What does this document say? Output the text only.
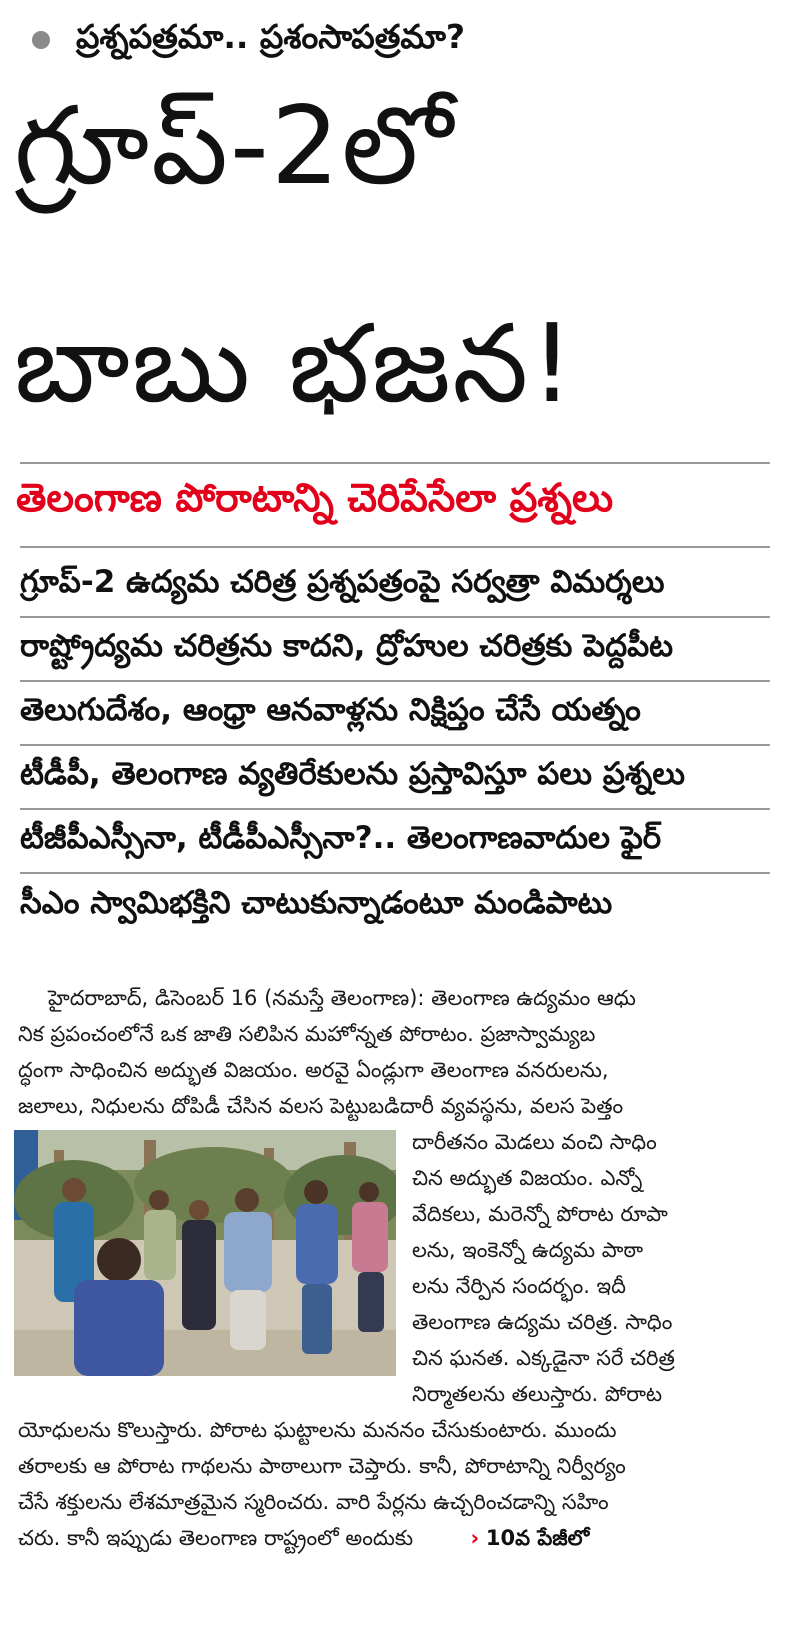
ప్రశ్నపత్రమా.. ప్రశంసాపత్రమా?
గ్రూప్‌-2లో
బాబు భజన!
తెలంగాణ పోరాటాన్ని చెరిపేసేలా ప్రశ్నలు
గ్రూప్‌-2 ఉద్యమ చరిత్ర ప్రశ్నపత్రంపై సర్వత్రా విమర్శలు
రాష్ట్రోద్యమ చరిత్రను కాదని, ద్రోహుల చరిత్రకు పెద్దపీట
తెలుగుదేశం, ఆంధ్రా ఆనవాళ్లను నిక్షిప్తం చేసే యత్నం
టీడీపీ, తెలంగాణ వ్యతిరేకులను ప్రస్తావిస్తూ పలు ప్రశ్నలు
టీజీపీఎస్సీనా, టీడీపీఎస్సీనా?.. తెలంగాణవాదుల ఫైర్‌
సీఎం స్వామిభక్తిని చాటుకున్నాడంటూ మండిపాటు
హైదరాబాద్‌, డిసెంబర్‌ 16 (నమస్తే తెలంగాణ): తెలంగాణ ఉద్యమం ఆధు
నిక ప్రపంచంలోనే ఒక జాతి సలిపిన మహోన్నత పోరాటం. ప్రజాస్వామ్యబ
ద్ధంగా సాధించిన అద్భుత విజయం. అరవై ఏండ్లుగా తెలంగాణ వనరులను,
జలాలు, నిధులను దోపిడీ చేసిన వలస పెట్టుబడిదారీ వ్యవస్థను, వలస పెత్తం
దారీతనం మెడలు వంచి సాధిం
చిన అద్భుత విజయం. ఎన్నో
వేదికలు, మరెన్నో పోరాట రూపా
లను, ఇంకెన్నో ఉద్యమ పాఠా
లను నేర్పిన సందర్భం. ఇదీ
తెలంగాణ ఉద్యమ చరిత్ర. సాధిం
చిన ఘనత. ఎక్కడైనా సరే చరిత్ర
నిర్మాతలను తలుస్తారు. పోరాట
యోధులను కొలుస్తారు. పోరాట ఘట్టాలను మననం చేసుకుంటారు. ముందు
తరాలకు ఆ పోరాట గాథలను పాఠాలుగా చెప్తారు. కానీ, పోరాటాన్ని నిర్వీర్యం
చేసే శక్తులను లేశమాత్రమైన స్మరించరు. వారి పేర్లను ఉచ్చరించడాన్ని సహిం
చరు. కానీ ఇప్పుడు తెలంగాణ రాష్ట్రంలో అందుకు	› 10వ పేజీలో
